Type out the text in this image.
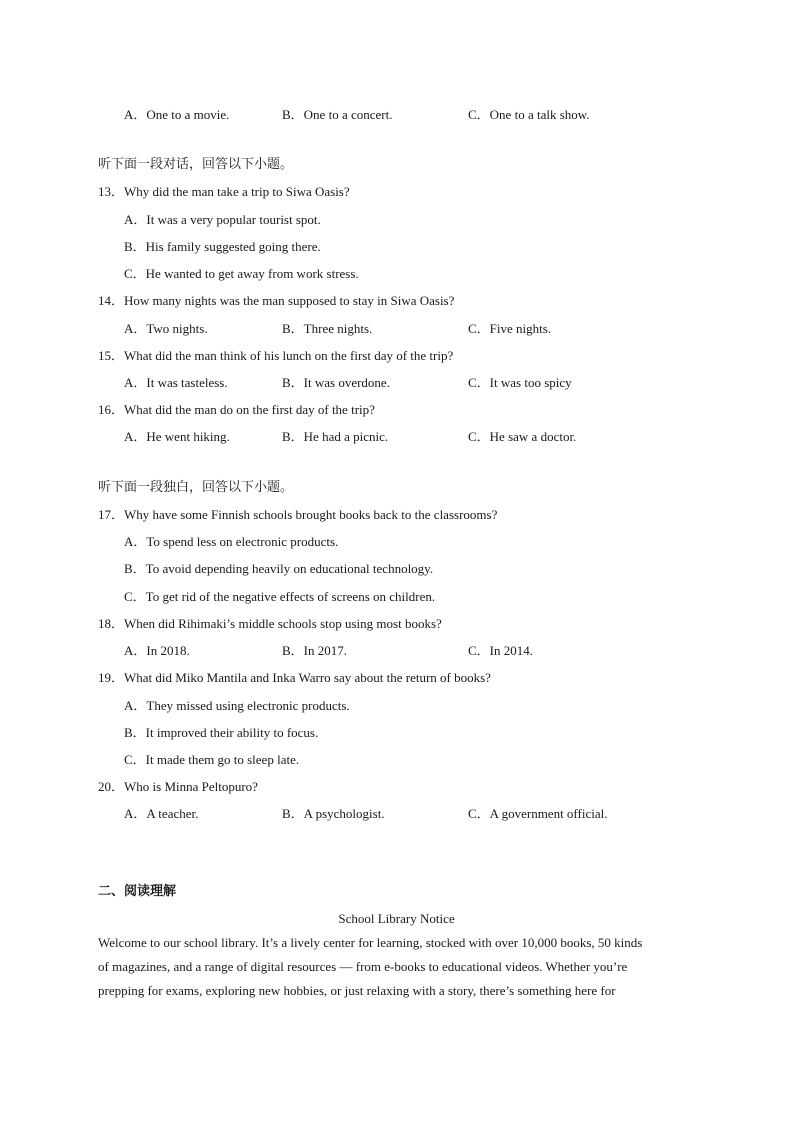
A．One to a movie.	B．One to a concert.	C．One to a talk show.
听下面一段对话，回答以下小题。
13．Why did the man take a trip to Siwa Oasis?
A．It was a very popular tourist spot.
B．His family suggested going there.
C．He wanted to get away from work stress.
14．How many nights was the man supposed to stay in Siwa Oasis?
A．Two nights.	B．Three nights.	C．Five nights.
15．What did the man think of his lunch on the first day of the trip?
A．It was tasteless.	B．It was overdone.	C．It was too spicy
16．What did the man do on the first day of the trip?
A．He went hiking.	B．He had a picnic.	C．He saw a doctor.
听下面一段独白，回答以下小题。
17．Why have some Finnish schools brought books back to the classrooms?
A．To spend less on electronic products.
B．To avoid depending heavily on educational technology.
C．To get rid of the negative effects of screens on children.
18．When did Rihimaki’s middle schools stop using most books?
A．In 2018.	B．In 2017.	C．In 2014.
19．What did Miko Mantila and Inka Warro say about the return of books?
A．They missed using electronic products.
B．It improved their ability to focus.
C．It made them go to sleep late.
20．Who is Minna Peltopuro?
A．A teacher.	B．A psychologist.	C．A government official.
二、阅读理解
School Library Notice
Welcome to our school library. It’s a lively center for learning, stocked with over 10,000 books, 50 kinds
of magazines, and a range of digital resources — from e-books to educational videos. Whether you’re
prepping for exams, exploring new hobbies, or just relaxing with a story, there’s something here for
